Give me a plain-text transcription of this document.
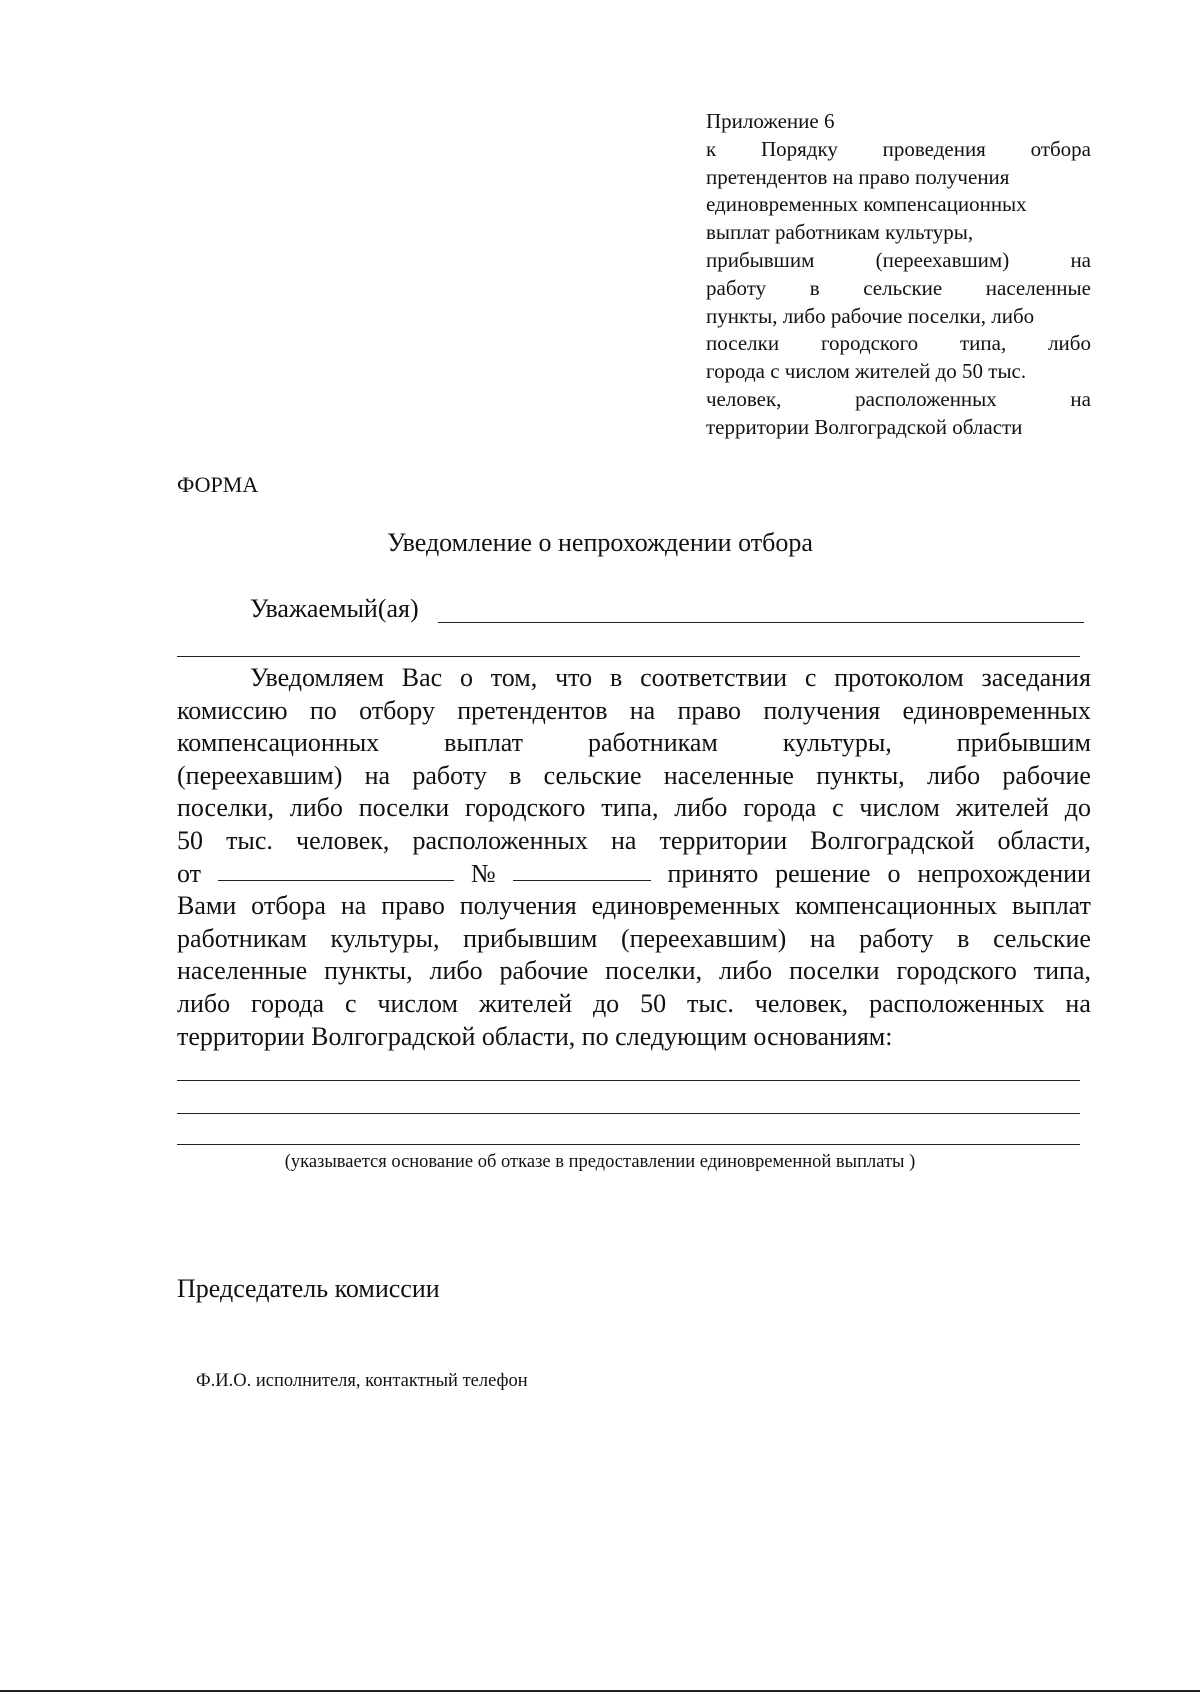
Приложение 6
к Порядку проведения отбора
претендентов на право получения
единовременных компенсационных
выплат работникам культуры,
прибывшим	(переехавшим)	на
работу в сельские населенные
пункты, либо рабочие поселки, либо
поселки городского типа, либо
города с числом жителей до 50 тыс.
человек,	расположенных	на
территории Волгоградской области
ФОРМА
Уведомление о непрохождении отбора
Уважаемый(ая)
Уведомляем Вас о том, что в соответствии с протоколом заседания
комиссию по отбору претендентов на право получения единовременных
компенсационных выплат работникам культуры, прибывшим
(переехавшим) на работу в сельские населенные пункты, либо рабочие
поселки, либо поселки городского типа, либо города с числом жителей до
50 тыс. человек, расположенных на территории Волгоградской области,
от	№	принято решение о непрохождении
Вами отбора на право получения единовременных компенсационных выплат
работникам культуры, прибывшим (переехавшим) на работу в сельские
населенные пункты, либо рабочие поселки, либо поселки городского типа,
либо города с числом жителей до 50 тыс. человек, расположенных на
территории Волгоградской области, по следующим основаниям:
(указывается основание об отказе в предоставлении единовременной выплаты )
Председатель комиссии
Ф.И.О. исполнителя, контактный телефон
